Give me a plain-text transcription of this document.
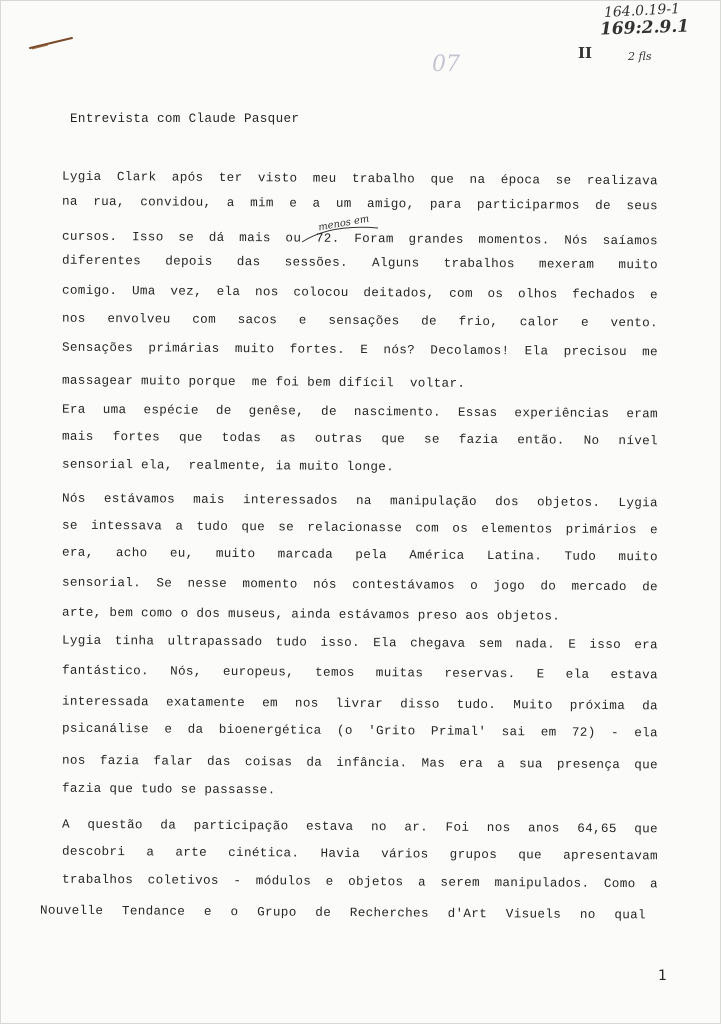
164.0.19-1
169:2.9.1
II	2 fls
07
Entrevista com Claude Pasquer
menos em
Lygia Clark após ter visto meu trabalho que na época se realizava
na rua, convidou, a mim e a um amigo, para participarmos de seus
cursos. Isso se dá mais ou 72. Foram grandes momentos. Nós saíamos
diferentes depois das sessões. Alguns trabalhos mexeram muito
comigo. Uma vez, ela nos colocou deitados, com os olhos fechados e
nos envolveu com sacos e sensações de frio, calor e vento.
Sensações primárias muito fortes. E nós? Decolamos! Ela precisou me
massagear muito porque  me foi bem difícil  voltar.
Era uma espécie de genêse, de nascimento. Essas experiências eram
mais fortes que todas as outras que se fazia então. No nível
sensorial ela,  realmente, ia muito longe.
Nós estávamos mais interessados na manipulação dos objetos. Lygia
se intessava a tudo que se relacionasse com os elementos primários e
era, acho eu, muito marcada pela América Latina. Tudo muito
sensorial. Se nesse momento nós contestávamos o jogo do mercado de
arte, bem como o dos museus, ainda estávamos preso aos objetos.
Lygia tinha ultrapassado tudo isso. Ela chegava sem nada. E isso era
fantástico. Nós, europeus, temos muitas reservas. E ela estava
interessada exatamente em nos livrar disso tudo. Muito próxima da
psicanálise e da bioenergética (o 'Grito Primal' sai em 72) - ela
nos fazia falar das coisas da infância. Mas era a sua presença que
fazia que tudo se passasse.
A questão da participação estava no ar. Foi nos anos 64,65 que
descobri a arte cinética. Havia vários grupos que apresentavam
trabalhos coletivos - módulos e objetos a serem manipulados. Como a
Nouvelle Tendance e o Grupo de Recherches d'Art Visuels no qual
1
